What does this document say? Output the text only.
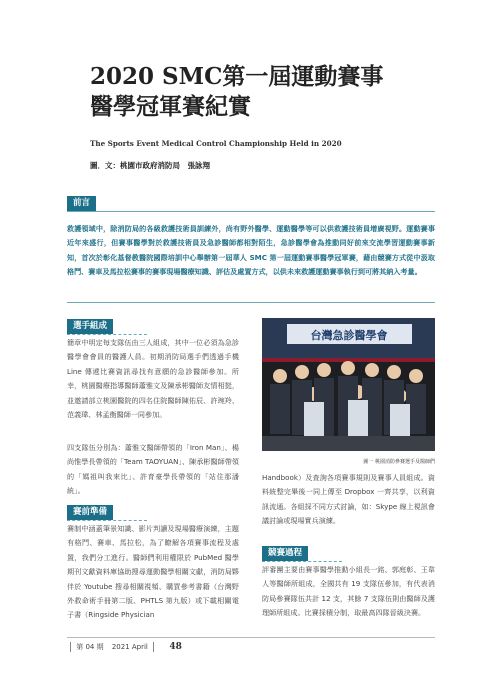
2020 SMC第一屆運動賽事
醫學冠軍賽紀實
The Sports Event Medical Control Championship Held in 2020
圖．文：桃園市政府消防局　張詠翔
前言
救護領域中，除消防局的各級救護技術員訓練外，尚有野外醫學、運動醫學等可以供救護技術員增廣視野。運動賽事近年來盛行，但賽事醫學對於救護技術員及急診醫師都相對陌生，急診醫學會為推動同好前來交流學習運動賽事新知，首次於彰化基督教醫院國際培訓中心舉辦第一屆華人 SMC 第一屆運動賽事醫學冠軍賽，藉由競賽方式從中汲取格鬥、賽車及馬拉松賽事的賽事現場醫療知識、評估及處置方式，以供未來救護運動賽事執行到可將其納入考量。
選手組成
簡章中明定每支隊伍由三人組成，其中一位必須為急診醫學會會員的醫護人員。初期消防局選手們透過手機 Line 傳遞比賽資訊尋找有意願的急診醫師參加。所幸，桃園醫療指導醫師蕭雅文及陳承彬醫師友情相挺，並邀請部立桃園醫院的四名住院醫師陳佑辰、許琬羚、范義瑋、林孟衡醫師一同參加。
四支隊伍分別為：蕭雅文醫師帶領的「Iron Man」、楊尚惟學長帶領的「Team TAOYUAN」、陳承彬醫師帶領的「媽祖叫我來比」、許育豪學長帶領的「站住那潘統」。
賽前準備
賽制中涵蓋筆景知識、影片判讀及現場醫療演練，主題有格鬥、賽車、馬拉松，為了瞭解各項賽事流程及處置，我們分工進行。醫師們利用權限於 PubMed 醫學期刊文獻資料庫協助搜尋運動醫學相關文獻，消防局夥伴於 Youtube 搜尋相關視頻、購買參考書籍（台灣野外救命術手冊第二版、PHTLS 第九版）或下載相關電子書（Ringside Physician
台灣急診醫學會
圖一 桃園消防參賽選手及醫師們
Handbook）及查詢各項賽事規則及賽事人員組成。資料統整完畢後一同上傳至 Dropbox 一齊共享，以利資訊流通。各組採不同方式討論，如：Skype 線上視訊會議討論或現場實兵演練。
競賽過程
評審團主要由賽事醫學推動小組長一銘、郭庭彰、王韋人等醫師所組成，全國共有 19 支隊伍參加，有代表消防局參賽隊伍共計 12 支，其餘 7 支隊伍則由醫師及護理師所組成。比賽採積分制，取最高四隊晉級決賽。
第 04 期 2021 April 48
